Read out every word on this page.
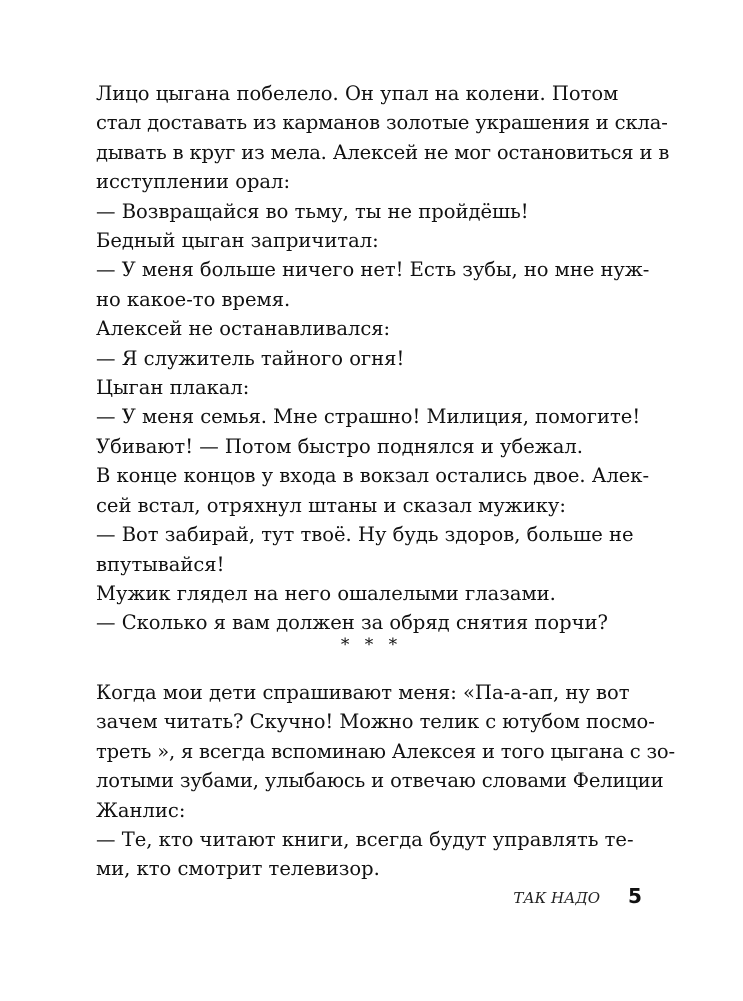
Лицо цыгана побелело. Он упал на колени. Потом

стал доставать из карманов золотые украшения и скла-

дывать в круг из мела. Алексей не мог остановиться и в

исступлении орал:

— Возвращайся во тьму, ты не пройдёшь!

Бедный цыган запричитал:

— У меня больше ничего нет! Есть зубы, но мне нуж-

но какое-то время.

Алексей не останавливался:

— Я служитель тайного огня!

Цыган плакал:

— У меня семья. Мне страшно! Милиция, помогите!

Убивают! — Потом быстро поднялся и убежал.

В конце концов у входа в вокзал остались двое. Алек-

сей встал, отряхнул штаны и сказал мужику:

— Вот забирай, тут твоё. Ну будь здоров, больше не

впутывайся!

Мужик глядел на него ошалелыми глазами.

— Сколько я вам должен за обряд снятия порчи?

* * *

Когда мои дети спрашивают меня: «Па-а-ап, ну вот

зачем читать? Скучно! Можно телик с ютубом посмо-

треть », я всегда вспоминаю Алексея и того цыгана с зо-

лотыми зубами, улыбаюсь и отвечаю словами Фелиции

Жанлис:

— Те, кто читают книги, всегда будут управлять те-

ми, кто смотрит телевизор.

ТАК НАДО 5
